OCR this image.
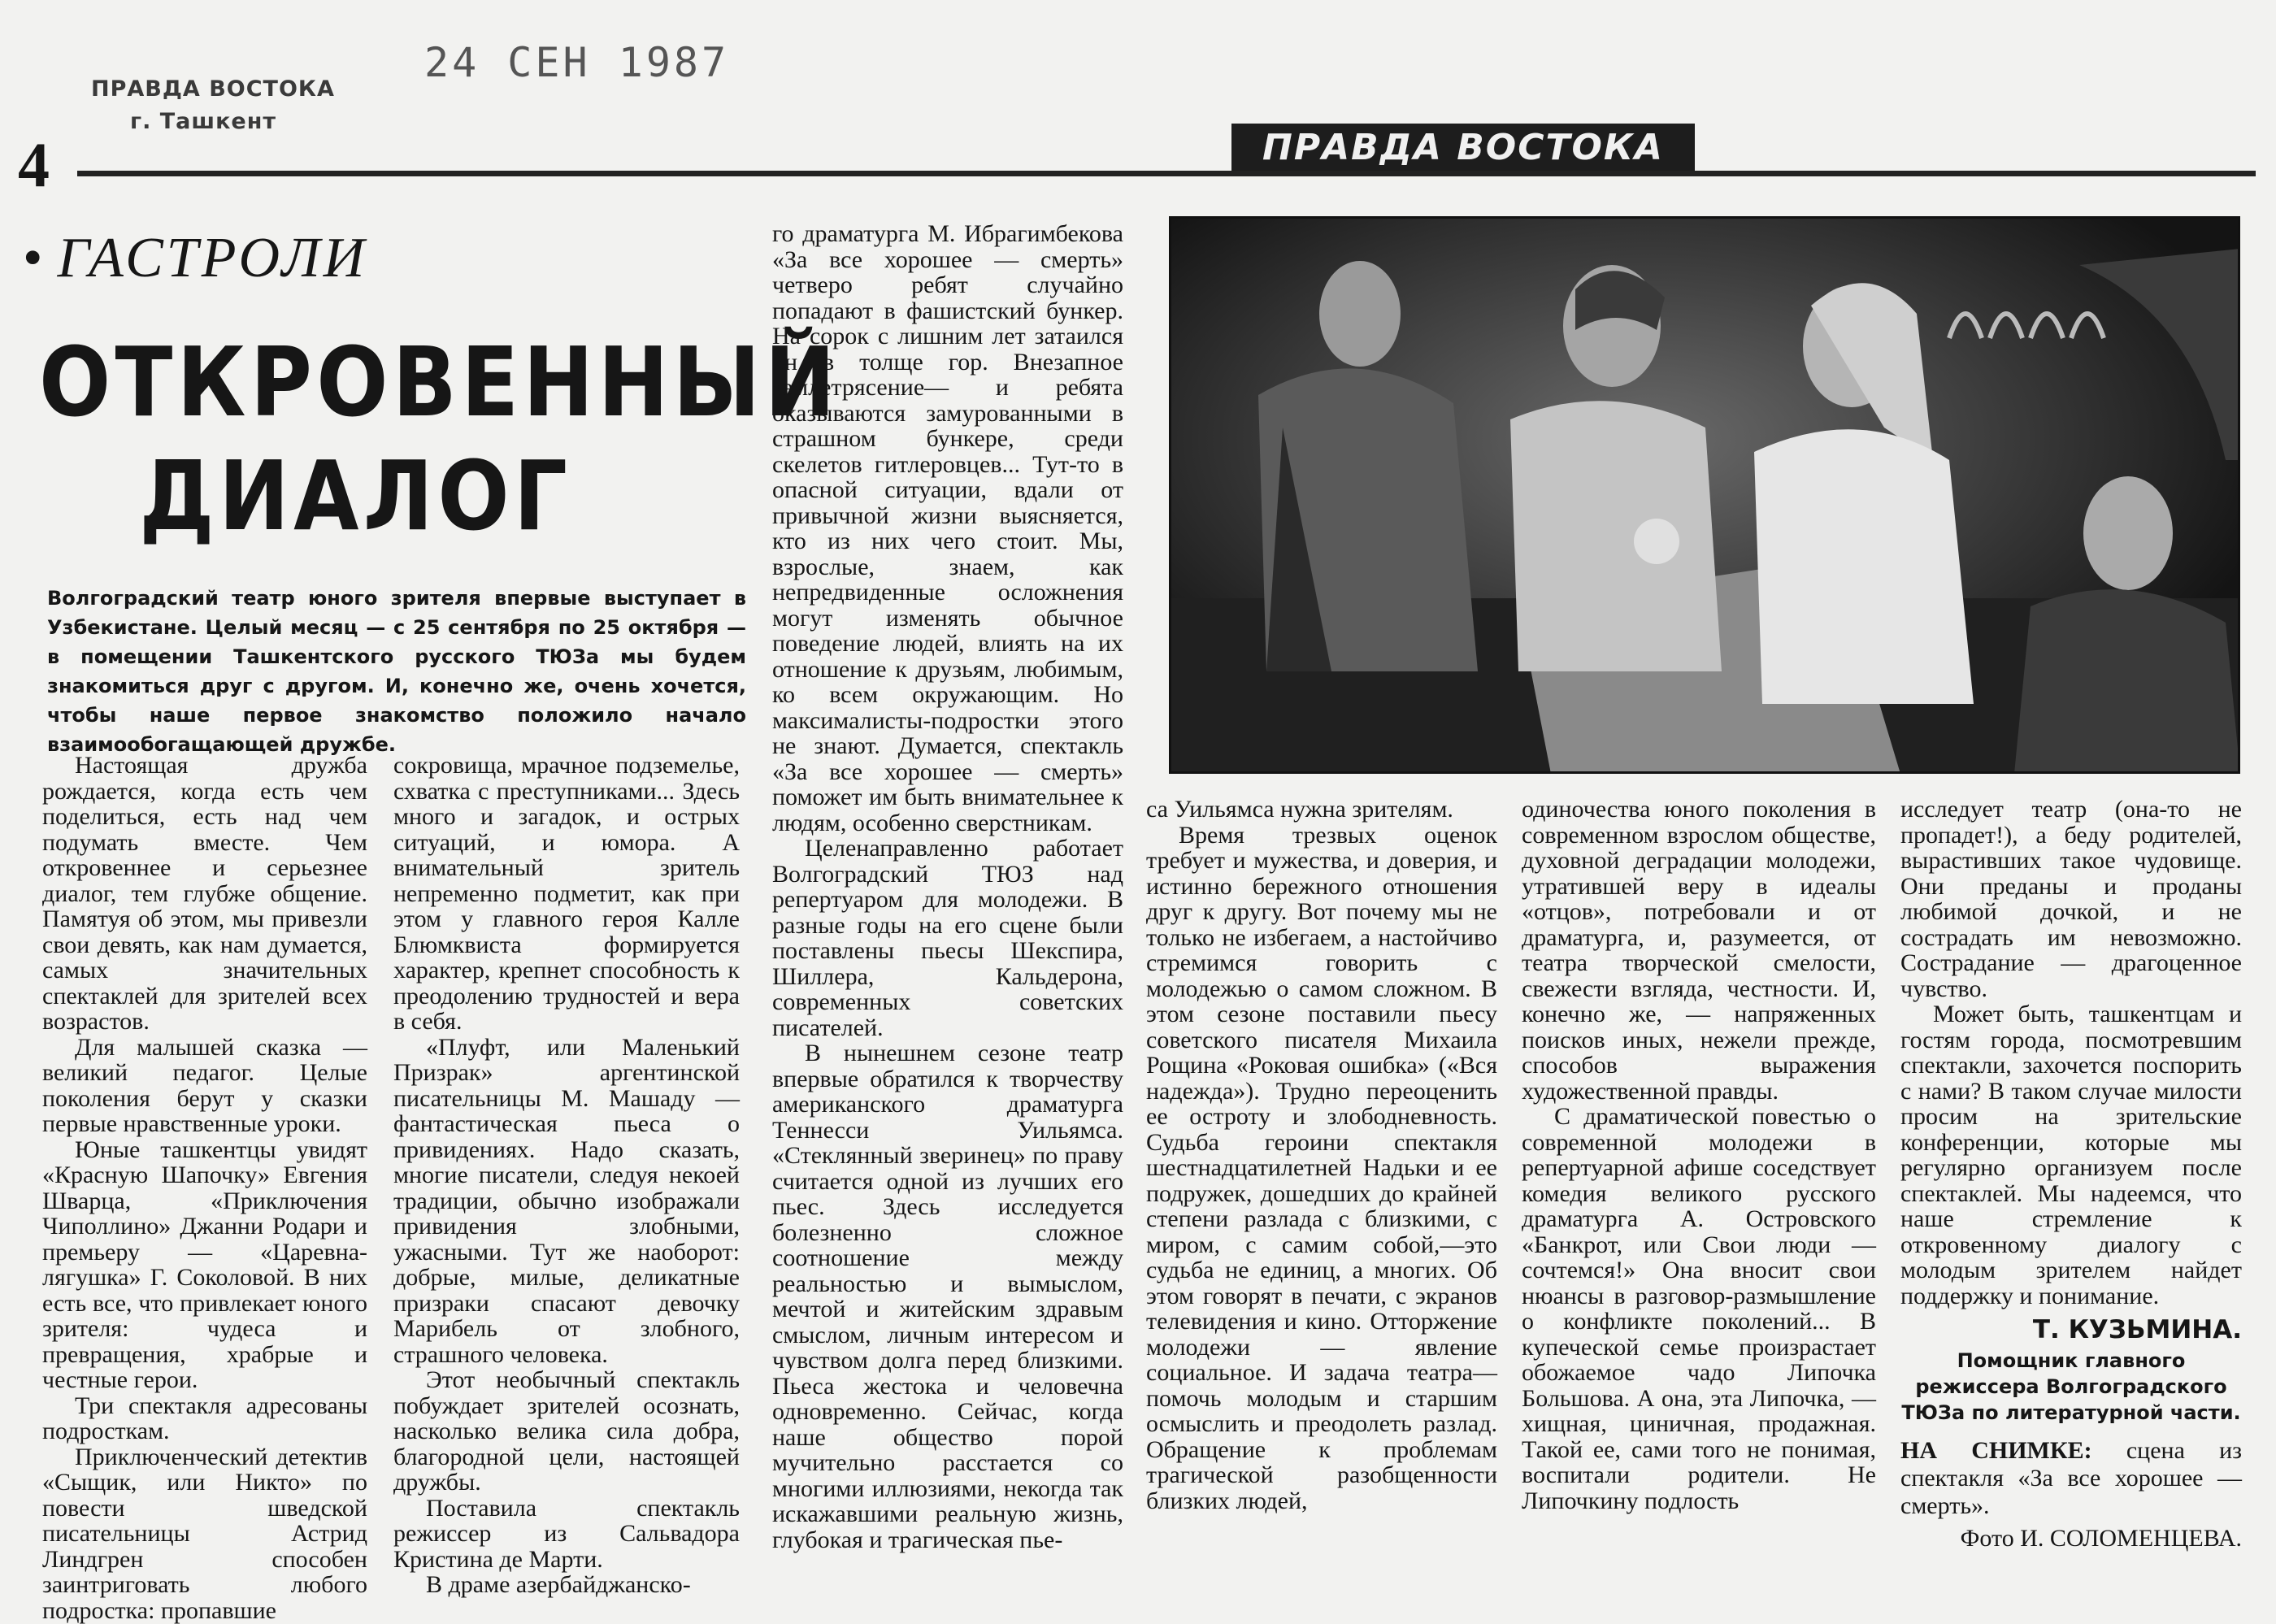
ПРАВДА ВОСТОКА
г. Ташкент
24 СЕН 1987
4	ПРАВДА ВОСТОКА
• ГАСТРОЛИ
ОТКРОВЕННЫЙ
ДИАЛОГ
Волгоградский театр юного зрителя впервые выступает в Узбекистане. Целый месяц — с 25 сентября по 25 октября — в помещении Ташкентского русского ТЮЗа мы будем знакомиться друг с другом. И, конечно же, очень хочется, чтобы наше первое знакомство положило начало взаимообогащающей дружбе.

Настоящая дружба рождается, когда есть чем поделиться, есть над чем подумать вместе. Чем откровеннее и серьезнее диалог, тем глубже общение. Памятуя об этом, мы привезли свои девять, как нам думается, самых значительных спектаклей для зрителей всех возрастов.

Для малышей сказка — великий педагог. Целые поколения берут у сказки первые нравственные уроки.

Юные ташкентцы увидят «Красную Шапочку» Евгения Шварца, «Приключения Чиполлино» Джанни Родари и премьеру — «Царевна-лягушка» Г. Соколовой. В них есть все, что привлекает юного зрителя: чудеса и превращения, храбрые и честные герои.

Три спектакля адресованы подросткам.

Приключенческий детектив «Сыщик, или Никто» по повести шведской писательницы Астрид Линдгрен способен заинтриговать любого подростка: пропавшие

сокровища, мрачное подземелье, схватка с преступниками... Здесь много и загадок, и острых ситуаций, и юмора. А внимательный зритель непременно подметит, как при этом у главного героя Калле Блюмквиста формируется характер, крепнет способность к преодолению трудностей и вера в себя.

«Плуфт, или Маленький Призрак» аргентинской писательницы М. Машаду — фантастическая пьеса о привидениях. Надо сказать, многие писатели, следуя некоей традиции, обычно изображали привидения злобными, ужасными. Тут же наоборот: добрые, милые, деликатные призраки спасают девочку Марибель от злобного, страшного человека.

Этот необычный спектакль побуждает зрителей осознать, насколько велика сила добра, благородной цели, настоящей дружбы.

Поставила спектакль режиссер из Сальвадора Кристина де Марти.

В драме азербайджанско-

го драматурга М. Ибрагимбекова «За все хорошее — смерть» четверо ребят случайно попадают в фашистский бункер. На сорок с лишним лет затаился он в толще гор. Внезапное землетрясение— и ребята оказываются замурованными в страшном бункере, среди скелетов гитлеровцев... Тут-то в опасной ситуации, вдали от привычной жизни выясняется, кто из них чего стоит. Мы, взрослые, знаем, как непредвиденные осложнения могут изменять обычное поведение людей, влиять на их отношение к друзьям, любимым, ко всем окружающим. Но максималисты-подростки этого не знают. Думается, спектакль «За все хорошее — смерть» поможет им быть внимательнее к людям, особенно сверстникам.

Целенаправленно работает Волгоградский ТЮЗ над репертуаром для молодежи. В разные годы на его сцене были поставлены пьесы Шекспира, Шиллера, Кальдерона, современных советских писателей.

В нынешнем сезоне театр впервые обратился к творчеству американского драматурга Теннесси Уильямса. «Стеклянный зверинец» по праву считается одной из лучших его пьес. Здесь исследуется болезненно сложное соотношение между реальностью и вымыслом, мечтой и житейским здравым смыслом, личным интересом и чувством долга перед близкими. Пьеса жестока и человечна одновременно. Сейчас, когда наше общество порой мучительно расстается со многими иллюзиями, некогда так искажавшими реальную жизнь, глубокая и трагическая пье-

са Уильямса нужна зрителям.

Время трезвых оценок требует и мужества, и доверия, и истинно бережного отношения друг к другу. Вот почему мы не только не избегаем, а настойчиво стремимся говорить с молодежью о самом сложном. В этом сезоне поставили пьесу советского писателя Михаила Рощина «Роковая ошибка» («Вся надежда»). Трудно переоценить ее остроту и злободневность. Судьба героини спектакля шестнадцатилетней Надьки и ее подружек, дошедших до крайней степени разлада с близкими, с миром, с самим собой,—это судьба не единиц, а многих. Об этом говорят в печати, с экранов телевидения и кино. Отторжение молодежи — явление социальное. И задача театра—помочь молодым и старшим осмыслить и преодолеть разлад. Обращение к проблемам трагической разобщенности близких людей,

одиночества юного поколения в современном взрослом обществе, духовной деградации молодежи, утратившей веру в идеалы «отцов», потребовали и от драматурга, и, разумеется, от театра творческой смелости, свежести взгляда, честности. И, конечно же, — напряженных поисков иных, нежели прежде, способов выражения художественной правды.

С драматической повестью о современной молодежи в репертуарной афише соседствует комедия великого русского драматурга А. Островского «Банкрот, или Свои люди — сочтемся!» Она вносит свои нюансы в разговор-размышление о конфликте поколений... В купеческой семье произрастает обожаемое чадо Липочка Большова. А она, эта Липочка, — хищная, циничная, продажная. Такой ее, сами того не понимая, воспитали родители. Не Липочкину подлость

исследует театр (она-то не пропадет!), а беду родителей, вырастивших такое чудовище. Они преданы и проданы любимой дочкой, и не сострадать им невозможно. Сострадание — драгоценное чувство.

Может быть, ташкентцам и гостям города, посмотревшим спектакли, захочется поспорить с нами? В таком случае милости просим на зрительские конференции, которые мы регулярно организуем после спектаклей. Мы надеемся, что наше стремление к откровенному диалогу с молодым зрителем найдет поддержку и понимание.

Т. КУЗЬМИНА.
Помощник главного режиссера Волгоградского ТЮЗа по литературной части.
НА СНИМКЕ: сцена из спектакля «За все хорошее — смерть».
Фото И. СОЛОМЕНЦЕВА.
